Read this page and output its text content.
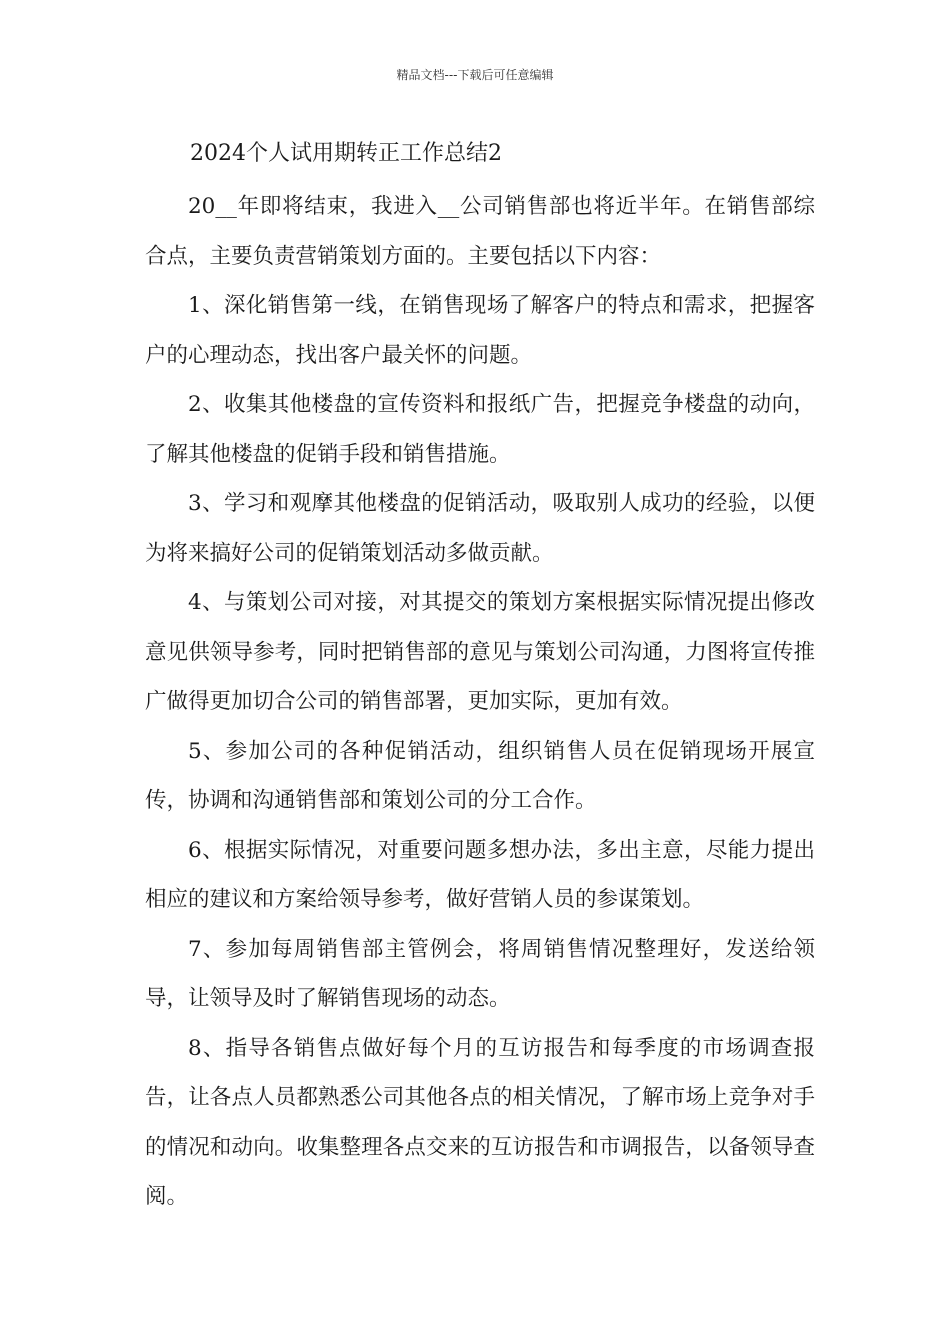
精品文档---下载后可任意编辑
2024个人试用期转正工作总结2

20__年即将结束，我进入__公司销售部也将近半年。在销售部综合点，主要负责营销策划方面的。主要包括以下内容：

1、深化销售第一线，在销售现场了解客户的特点和需求，把握客户的心理动态，找出客户最关怀的问题。

2、收集其他楼盘的宣传资料和报纸广告，把握竞争楼盘的动向，了解其他楼盘的促销手段和销售措施。

3、学习和观摩其他楼盘的促销活动，吸取别人成功的经验，以便为将来搞好公司的促销策划活动多做贡献。

4、与策划公司对接，对其提交的策划方案根据实际情况提出修改意见供领导参考，同时把销售部的意见与策划公司沟通，力图将宣传推广做得更加切合公司的销售部署，更加实际，更加有效。

5、参加公司的各种促销活动，组织销售人员在促销现场开展宣传，协调和沟通销售部和策划公司的分工合作。

6、根据实际情况，对重要问题多想办法，多出主意，尽能力提出相应的建议和方案给领导参考，做好营销人员的参谋策划。

7、参加每周销售部主管例会，将周销售情况整理好，发送给领导，让领导及时了解销售现场的动态。

8、指导各销售点做好每个月的互访报告和每季度的市场调查报告，让各点人员都熟悉公司其他各点的相关情况，了解市场上竞争对手的情况和动向。收集整理各点交来的互访报告和市调报告，以备领导查阅。
